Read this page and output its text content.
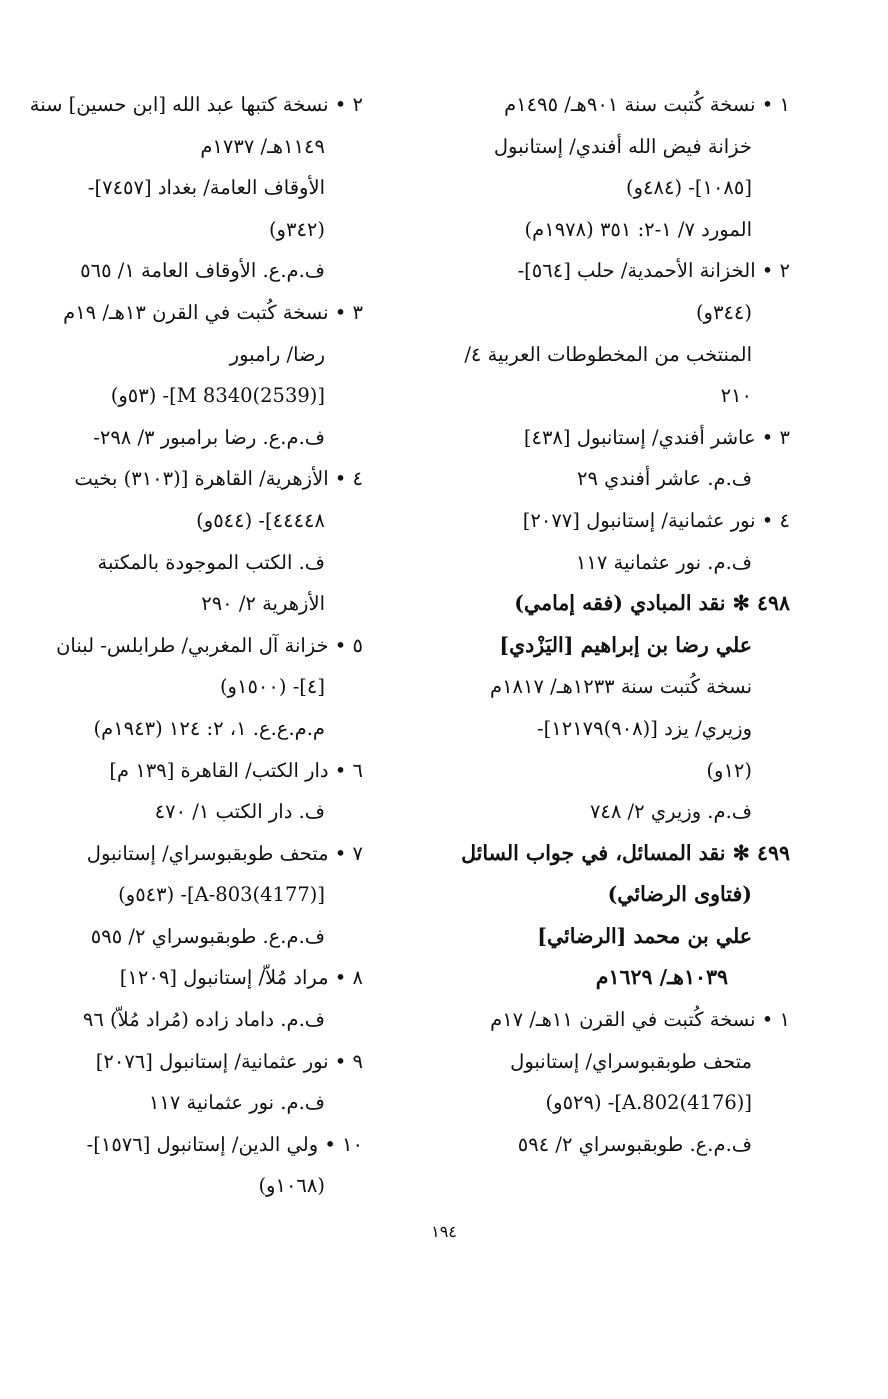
١ • نسخة كُتبت سنة ٩٠١هـ/ ١٤٩٥م
خزانة فيض الله أفندي/ إستانبول
[١٠٨٥]- (٤٨٤و)
المورد ٧/ ١-٢: ٣٥١ (١٩٧٨م)
٢ • الخزانة الأحمدية/ حلب [٥٦٤]-
(٣٤٤و)
المنتخب من المخطوطات العربية ٤/
٢١٠
٣ • عاشر أفندي/ إستانبول [٤٣٨]
ف.م. عاشر أفندي ٢٩
٤ • نور عثمانية/ إستانبول [٢٠٧٧]
ف.م. نور عثمانية ١١٧
٤٩٨ ✻ نقد المبادي (فقه إمامي)
علي رضا بن إبراهيم [اليَزْدي]
نسخة كُتبت سنة ١٢٣٣هـ/ ١٨١٧م
وزيري/ يزد [(٩٠٨)١٢١٧٩]-
(١٢و)
ف.م. وزيري ٢/ ٧٤٨
٤٩٩ ✻ نقد المسائل، في جواب السائل
(فتاوى الرضائي)
علي بن محمد [الرضائي]
١٠٣٩هـ/ ١٦٢٩م
١ • نسخة كُتبت في القرن ١١هـ/ ١٧م
متحف طوبقبوسراي/ إستانبول
[(4176)A.802]- (٥٢٩و)
ف.م.ع. طوبقبوسراي ٢/ ٥٩٤
٢ • نسخة كتبها عبد الله [ابن حسين] سنة
١١٤٩هـ/ ١٧٣٧م
الأوقاف العامة/ بغداد [٧٤٥٧]-
(٣٤٢و)
ف.م.ع. الأوقاف العامة ١/ ٥٦٥
٣ • نسخة كُتبت في القرن ١٣هـ/ ١٩م
رضا/ رامبور
[M 8340(2539)]- (٥٣و)
ف.م.ع. رضا برامبور ٣/ ٢٩٨-
٤ • الأزهرية/ القاهرة [(٣١٠٣) بخيت
٤٤٤٤٨]- (٥٤٤و)
ف. الكتب الموجودة بالمكتبة
الأزهرية ٢/ ٢٩٠
٥ • خزانة آل المغربي/ طرابلس- لبنان
[٤]- (١٥٠٠و)
م.م.ع.ع. ١، ٢: ١٢٤ (١٩٤٣م)
٦ • دار الكتب/ القاهرة [١٣٩ م]
ف. دار الكتب ١/ ٤٧٠
٧ • متحف طوبقبوسراي/ إستانبول
[(4177)A-803]- (٥٤٣و)
ف.م.ع. طوبقبوسراي ٢/ ٥٩٥
٨ • مراد مُلاّ/ إستانبول [١٢٠٩]
ف.م. داماد زاده (مُراد مُلاّ) ٩٦
٩ • نور عثمانية/ إستانبول [٢٠٧٦]
ف.م. نور عثمانية ١١٧
١٠ • ولي الدين/ إستانبول [١٥٧٦]-
(١٠٦٨و)
١٩٤
